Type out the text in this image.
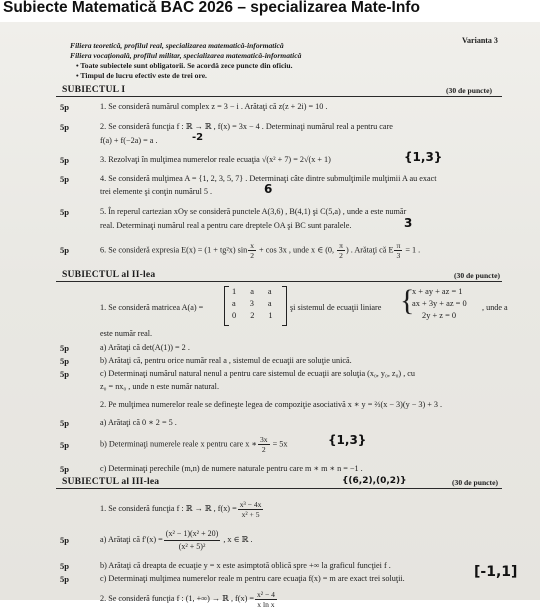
Subiecte Matematică BAC 2026 – specializarea Mate-Info
Filiera teoretică, profilul real, specializarea matematică-informatică
Filiera vocaţională, profilul militar, specializarea matematică-informatică
• Toate subiectele sunt obligatorii. Se acordă zece puncte din oficiu.
• Timpul de lucru efectiv este de trei ore.
Varianta 3
SUBIECTUL I	(30 de puncte)
5p	1. Se consideră numărul complex z = 3 − i . Arătaţi că z(z + 2i) = 10 .
5p	2. Se consideră funcţia f : ℝ → ℝ , f(x) = 3x − 4 . Determinaţi numărul real a pentru care
f(a) + f(−2a) = a .	-2
5p	3. Rezolvaţi în mulţimea numerelor reale ecuaţia √(x² + 7) = 2√(x + 1)	{1,3}
5p	4. Se consideră mulţimea A = {1, 2, 3, 5, 7} . Determinaţi câte dintre submulţimile mulţimii A au exact
trei elemente şi conţin numărul 5 .	6
5p	5. În reperul cartezian xOy se consideră punctele A(3,6) , B(4,1) şi C(5,a) , unde a este număr
real. Determinaţi numărul real a pentru care dreptele OA şi BC sunt paralele.	3
5p	6. Se consideră expresia E(x) = (1 + tg²x) $\sin \frac{x}{2} + \cos 3x$ , unde x ∈ (0, $\frac{\pi}{2}$ ) . Arătaţi că E $\frac{\pi}{3} = 1$ .
SUBIECTUL al II-lea	(30 de puncte)
1. Se consideră matricea A(a) =
1 a a
a 3 a
0 2 1
şi sistemul de ecuaţii liniare {
x + ay + az = 1
ax + 3y + az = 0
2y + z = 0
, unde a
este număr real.
5p	a) Arătaţi că det(A(1)) = 2 .
5p	b) Arătaţi că, pentru orice număr real a , sistemul de ecuaţii are soluţie unică.
5p	c) Determinaţi numărul natural nenul a pentru care sistemul de ecuaţii are soluţia (x₀, y₀, z₀) , cu
z₀ = nx₀ , unde n este număr natural.
2. Pe mulţimea numerelor reale se defineşte legea de compoziţie asociativă x ∗ y = ⅔(x − 3)(y − 3) + 3 .
5p	a) Arătaţi că 0 ∗ 2 = 5 .
5p	b) Determinaţi numerele reale x pentru care x ∗ $\frac{3x}{2} = 5x$	{1,3}
5p	c) Determinaţi perechile (m,n) de numere naturale pentru care m ∗ m ∗ n = −1 .
SUBIECTUL al III-lea	{(6,2),(0,2)}	(30 de puncte)
1. Se consideră funcţia f : ℝ → ℝ , $f(x) = \frac{\text{x³ − 4x}}{\text{x² + 5}}$
5p	a) Arătaţi că $f'(x) = \frac{\text{(x² − 1)(x² + 20)}}{\text{(x² + 5)²}}$ , x ∈ ℝ .
5p	b) Arătaţi că dreapta de ecuaţie y = x este asimptotă oblică spre +∞ la graficul funcţiei f .
5p	c) Determinaţi mulţimea numerelor reale m pentru care ecuaţia f(x) = m are exact trei soluţii.	[-1,1]
2. Se consideră funcţia f : (1, +∞) → ℝ , $f(x) = \frac{\text{x² − 4}}{\text{x ln x}}$
